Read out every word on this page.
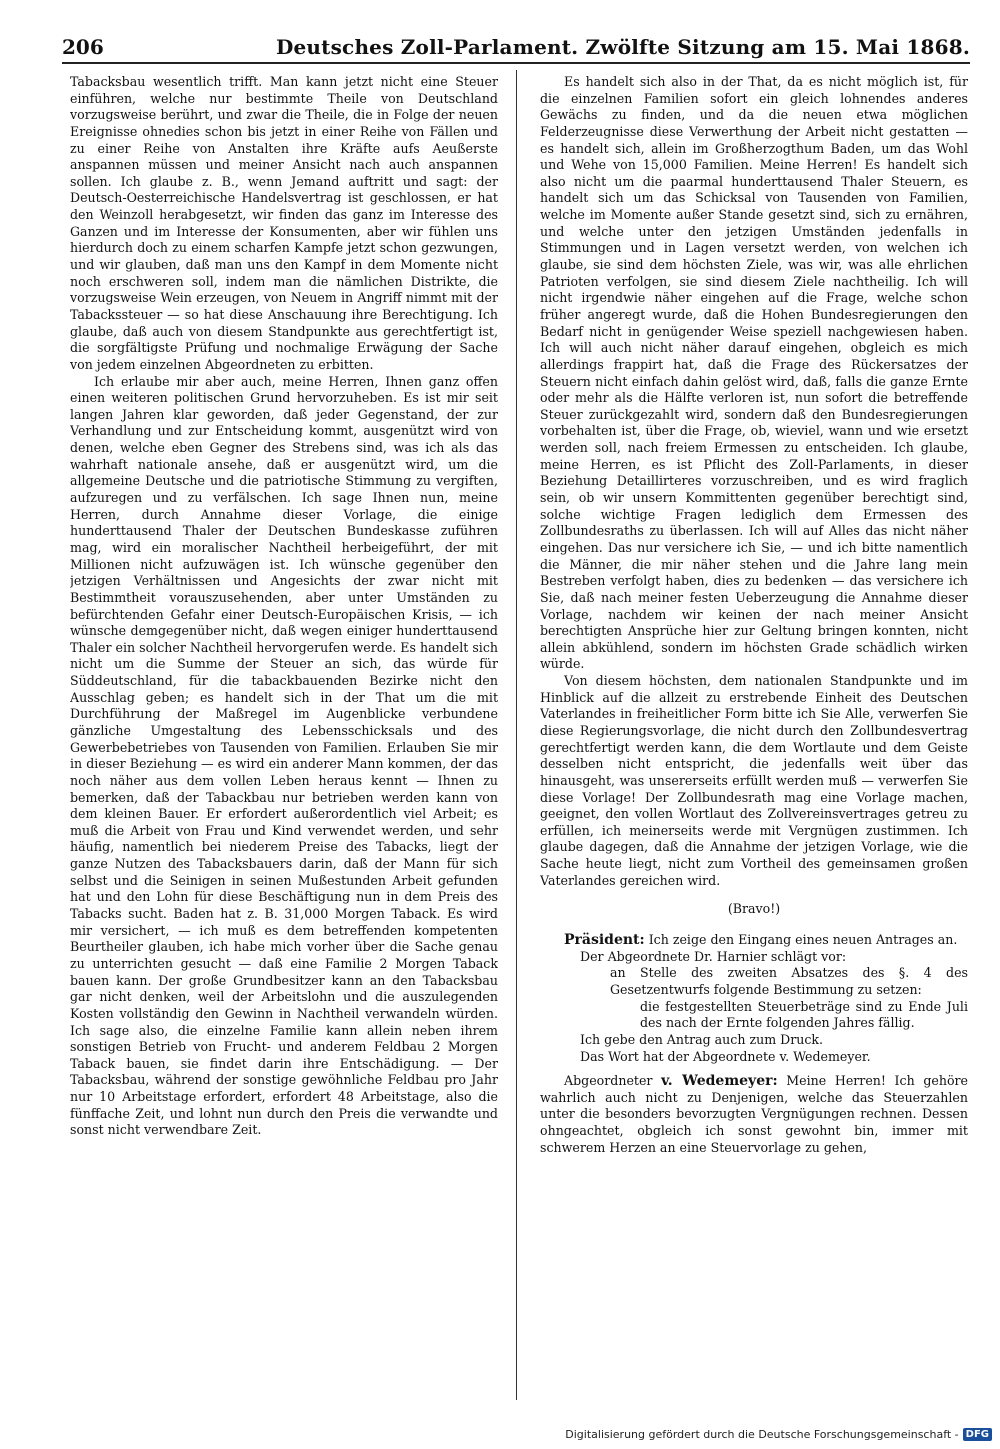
206	Deutsches Zoll-Parlament. Zwölfte Sitzung am 15. Mai 1868.

Tabacksbau wesentlich trifft. Man kann jetzt nicht eine Steuer einführen, welche nur bestimmte Theile von Deutschland vorzugsweise berührt, und zwar die Theile, die in Folge der neuen Ereignisse ohnedies schon bis jetzt in einer Reihe von Fällen und zu einer Reihe von Anstalten ihre Kräfte aufs Aeußerste anspannen müssen und meiner Ansicht nach auch anspannen sollen. Ich glaube z. B., wenn Jemand auftritt und sagt: der Deutsch-Oesterreichische Handelsvertrag ist geschlossen, er hat den Weinzoll herabgesetzt, wir finden das ganz im Interesse des Ganzen und im Interesse der Konsumenten, aber wir fühlen uns hierdurch doch zu einem scharfen Kampfe jetzt schon gezwungen, und wir glauben, daß man uns den Kampf in dem Momente nicht noch erschweren soll, indem man die nämlichen Distrikte, die vorzugsweise Wein erzeugen, von Neuem in Angriff nimmt mit der Tabackssteuer — so hat diese Anschauung ihre Berechtigung. Ich glaube, daß auch von diesem Standpunkte aus gerechtfertigt ist, die sorgfältigste Prüfung und nochmalige Erwägung der Sache von jedem einzelnen Abgeordneten zu erbitten.

Ich erlaube mir aber auch, meine Herren, Ihnen ganz offen einen weiteren politischen Grund hervorzuheben. Es ist mir seit langen Jahren klar geworden, daß jeder Gegenstand, der zur Verhandlung und zur Entscheidung kommt, ausgenützt wird von denen, welche eben Gegner des Strebens sind, was ich als das wahrhaft nationale ansehe, daß er ausgenützt wird, um die allgemeine Deutsche und die patriotische Stimmung zu vergiften, aufzuregen und zu verfälschen. Ich sage Ihnen nun, meine Herren, durch Annahme dieser Vorlage, die einige hunderttausend Thaler der Deutschen Bundeskasse zuführen mag, wird ein moralischer Nachtheil herbeigeführt, der mit Millionen nicht aufzuwägen ist. Ich wünsche gegenüber den jetzigen Verhältnissen und Angesichts der zwar nicht mit Bestimmtheit vorauszusehenden, aber unter Umständen zu befürchtenden Gefahr einer Deutsch-Europäischen Krisis, — ich wünsche demgegenüber nicht, daß wegen einiger hunderttausend Thaler ein solcher Nachtheil hervorgerufen werde. Es handelt sich nicht um die Summe der Steuer an sich, das würde für Süddeutschland, für die tabackbauenden Bezirke nicht den Ausschlag geben; es handelt sich in der That um die mit Durchführung der Maßregel im Augenblicke verbundene gänzliche Umgestaltung des Lebensschicksals und des Gewerbebetriebes von Tausenden von Familien. Erlauben Sie mir in dieser Beziehung — es wird ein anderer Mann kommen, der das noch näher aus dem vollen Leben heraus kennt — Ihnen zu bemerken, daß der Tabackbau nur betrieben werden kann von dem kleinen Bauer. Er erfordert außerordentlich viel Arbeit; es muß die Arbeit von Frau und Kind verwendet werden, und sehr häufig, namentlich bei niederem Preise des Tabacks, liegt der ganze Nutzen des Tabacksbauers darin, daß der Mann für sich selbst und die Seinigen in seinen Mußestunden Arbeit gefunden hat und den Lohn für diese Beschäftigung nun in dem Preis des Tabacks sucht. Baden hat z. B. 31,000 Morgen Taback. Es wird mir versichert, — ich muß es dem betreffenden kompetenten Beurtheiler glauben, ich habe mich vorher über die Sache genau zu unterrichten gesucht — daß eine Familie 2 Morgen Taback bauen kann. Der große Grundbesitzer kann an den Tabacksbau gar nicht denken, weil der Arbeitslohn und die auszulegenden Kosten vollständig den Gewinn in Nachtheil verwandeln würden. Ich sage also, die einzelne Familie kann allein neben ihrem sonstigen Betrieb von Frucht- und anderem Feldbau 2 Morgen Taback bauen, sie findet darin ihre Entschädigung. — Der Tabacksbau, während der sonstige gewöhnliche Feldbau pro Jahr nur 10 Arbeitstage erfordert, erfordert 48 Arbeitstage, also die fünffache Zeit, und lohnt nun durch den Preis die verwandte und sonst nicht verwendbare Zeit.

Es handelt sich also in der That, da es nicht möglich ist, für die einzelnen Familien sofort ein gleich lohnendes anderes Gewächs zu finden, und da die neuen etwa möglichen Felderzeugnisse diese Verwerthung der Arbeit nicht gestatten — es handelt sich, allein im Großherzogthum Baden, um das Wohl und Wehe von 15,000 Familien. Meine Herren! Es handelt sich also nicht um die paarmal hunderttausend Thaler Steuern, es handelt sich um das Schicksal von Tausenden von Familien, welche im Momente außer Stande gesetzt sind, sich zu ernähren, und welche unter den jetzigen Umständen jedenfalls in Stimmungen und in Lagen versetzt werden, von welchen ich glaube, sie sind dem höchsten Ziele, was wir, was alle ehrlichen Patrioten verfolgen, sie sind diesem Ziele nachtheilig. Ich will nicht irgendwie näher eingehen auf die Frage, welche schon früher angeregt wurde, daß die Hohen Bundesregierungen den Bedarf nicht in genügender Weise speziell nachgewiesen haben. Ich will auch nicht näher darauf eingehen, obgleich es mich allerdings frappirt hat, daß die Frage des Rückersatzes der Steuern nicht einfach dahin gelöst wird, daß, falls die ganze Ernte oder mehr als die Hälfte verloren ist, nun sofort die betreffende Steuer zurückgezahlt wird, sondern daß den Bundesregierungen vorbehalten ist, über die Frage, ob, wieviel, wann und wie ersetzt werden soll, nach freiem Ermessen zu entscheiden. Ich glaube, meine Herren, es ist Pflicht des Zoll-Parlaments, in dieser Beziehung Detaillirteres vorzuschreiben, und es wird fraglich sein, ob wir unsern Kommittenten gegenüber berechtigt sind, solche wichtige Fragen lediglich dem Ermessen des Zollbundesraths zu überlassen. Ich will auf Alles das nicht näher eingehen. Das nur versichere ich Sie, — und ich bitte namentlich die Männer, die mir näher stehen und die Jahre lang mein Bestreben verfolgt haben, dies zu bedenken — das versichere ich Sie, daß nach meiner festen Ueberzeugung die Annahme dieser Vorlage, nachdem wir keinen der nach meiner Ansicht berechtigten Ansprüche hier zur Geltung bringen konnten, nicht allein abkühlend, sondern im höchsten Grade schädlich wirken würde.

Von diesem höchsten, dem nationalen Standpunkte und im Hinblick auf die allzeit zu erstrebende Einheit des Deutschen Vaterlandes in freiheitlicher Form bitte ich Sie Alle, verwerfen Sie diese Regierungsvorlage, die nicht durch den Zollbundesvertrag gerechtfertigt werden kann, die dem Wortlaute und dem Geiste desselben nicht entspricht, die jedenfalls weit über das hinausgeht, was unsererseits erfüllt werden muß — verwerfen Sie diese Vorlage! Der Zollbundesrath mag eine Vorlage machen, geeignet, den vollen Wortlaut des Zollvereinsvertrages getreu zu erfüllen, ich meinerseits werde mit Vergnügen zustimmen. Ich glaube dagegen, daß die Annahme der jetzigen Vorlage, wie die Sache heute liegt, nicht zum Vortheil des gemeinsamen großen Vaterlandes gereichen wird.

(Bravo!)

Präsident: Ich zeige den Eingang eines neuen Antrages an.

Der Abgeordnete Dr. Harnier schlägt vor:

an Stelle des zweiten Absatzes des §. 4 des Gesetzentwurfs folgende Bestimmung zu setzen:

die festgestellten Steuerbeträge sind zu Ende Juli des nach der Ernte folgenden Jahres fällig.

Ich gebe den Antrag auch zum Druck.

Das Wort hat der Abgeordnete v. Wedemeyer.

Abgeordneter v. Wedemeyer: Meine Herren! Ich gehöre wahrlich auch nicht zu Denjenigen, welche das Steuerzahlen unter die besonders bevorzugten Vergnügungen rechnen. Dessen ohngeachtet, obgleich ich sonst gewohnt bin, immer mit schwerem Herzen an eine Steuervorlage zu gehen,

Digitalisierung gefördert durch die Deutsche Forschungsgemeinschaft - DFG
